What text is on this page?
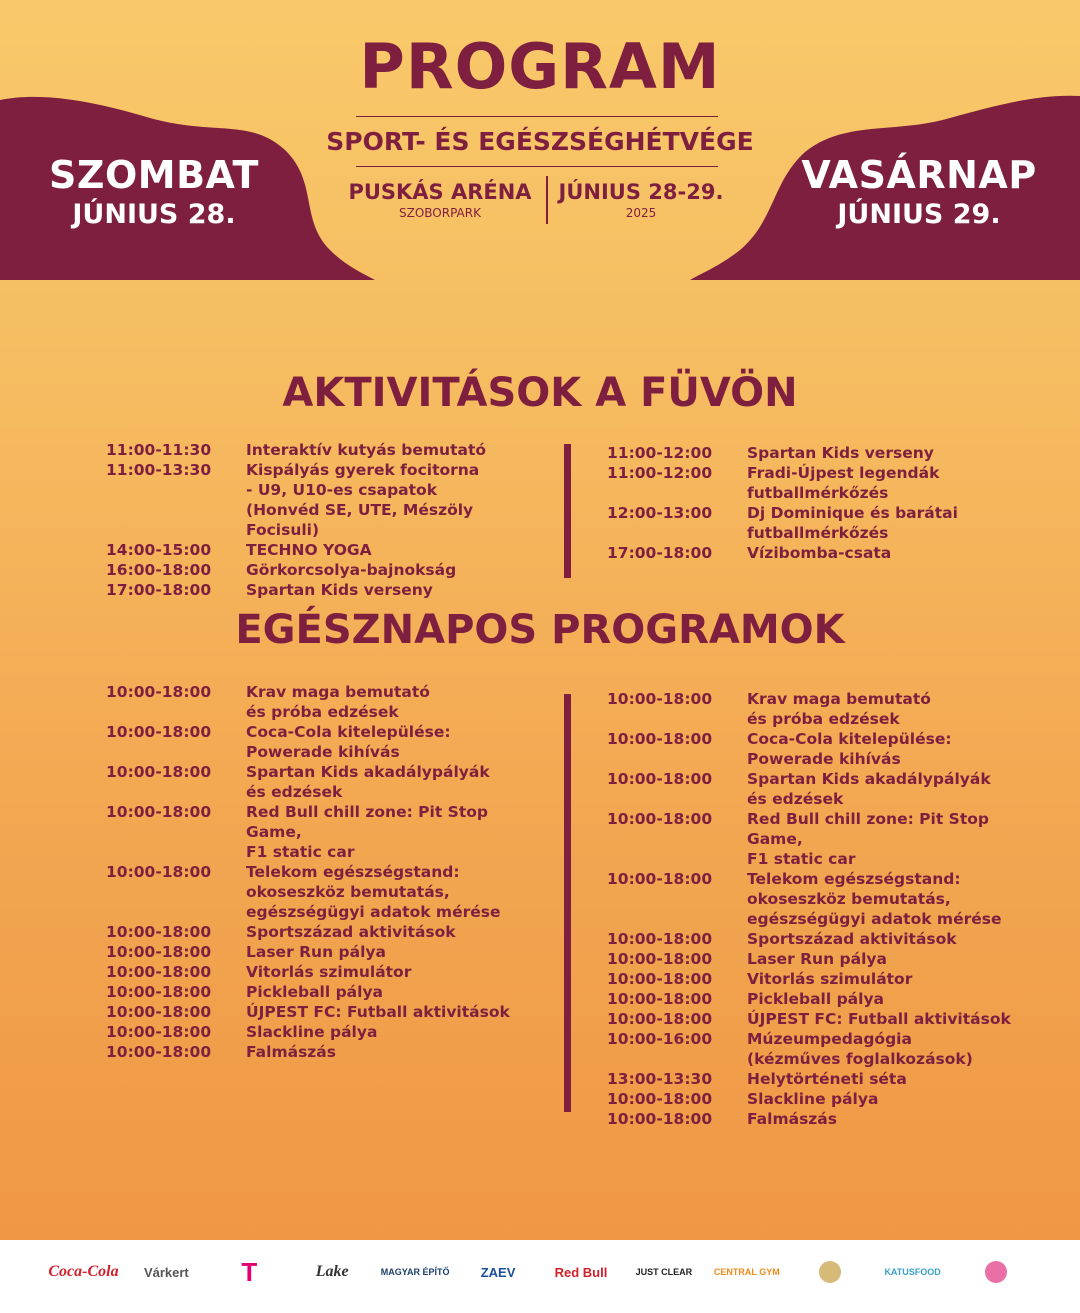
SZOMBAT
JÚNIUS 28.
VASÁRNAP
JÚNIUS 29.
PROGRAM
SPORT- ÉS EGÉSZSÉGHÉTVÉGE
PUSKÁS ARÉNA
SZOBORPARK
JÚNIUS 28-29.
2025
AKTIVITÁSOK A FÜVÖN
11:00-11:30	Interaktív kutyás bemutató
11:00-13:30	Kispályás gyerek focitorna
- U9, U10-es csapatok
(Honvéd SE, UTE, Mészöly Focisuli)
14:00-15:00	TECHNO YOGA
16:00-18:00	Görkorcsolya-bajnokság
17:00-18:00	Spartan Kids verseny
11:00-12:00	Spartan Kids verseny
11:00-12:00	Fradi-Újpest legendák
futballmérkőzés
12:00-13:00	Dj Dominique és barátai
futballmérkőzés
17:00-18:00	Vízibomba-csata
EGÉSZNAPOS PROGRAMOK
10:00-18:00	Krav maga bemutató
és próba edzések
10:00-18:00	Coca-Cola kitelepülése:
Powerade kihívás
10:00-18:00	Spartan Kids akadálypályák
és edzések
10:00-18:00	Red Bull chill zone: Pit Stop Game,
F1 static car
10:00-18:00	Telekom egészségstand:
okoseszköz bemutatás,
egészségügyi adatok mérése
10:00-18:00	Sportszázad aktivitások
10:00-18:00	Laser Run pálya
10:00-18:00	Vitorlás szimulátor
10:00-18:00	Pickleball pálya
10:00-18:00	ÚJPEST FC: Futball aktivitások
10:00-18:00	Slackline pálya
10:00-18:00	Falmászás
10:00-18:00	Krav maga bemutató
és próba edzések
10:00-18:00	Coca-Cola kitelepülése:
Powerade kihívás
10:00-18:00	Spartan Kids akadálypályák
és edzések
10:00-18:00	Red Bull chill zone: Pit Stop Game,
F1 static car
10:00-18:00	Telekom egészségstand:
okoseszköz bemutatás,
egészségügyi adatok mérése
10:00-18:00	Sportszázad aktivitások
10:00-18:00	Laser Run pálya
10:00-18:00	Vitorlás szimulátor
10:00-18:00	Pickleball pálya
10:00-18:00	ÚJPEST FC: Futball aktivitások
10:00-16:00	Múzeumpedagógia
(kézműves foglalkozások)
13:00-13:30	Helytörténeti séta
10:00-18:00	Slackline pálya
10:00-18:00	Falmászás
Coca-Cola Várkert T	Lake	MAGYAR ÉPÍTŐ ZAEV	Red Bull	JUST CLEAR CENTRAL GYM	KATUSFOOD
